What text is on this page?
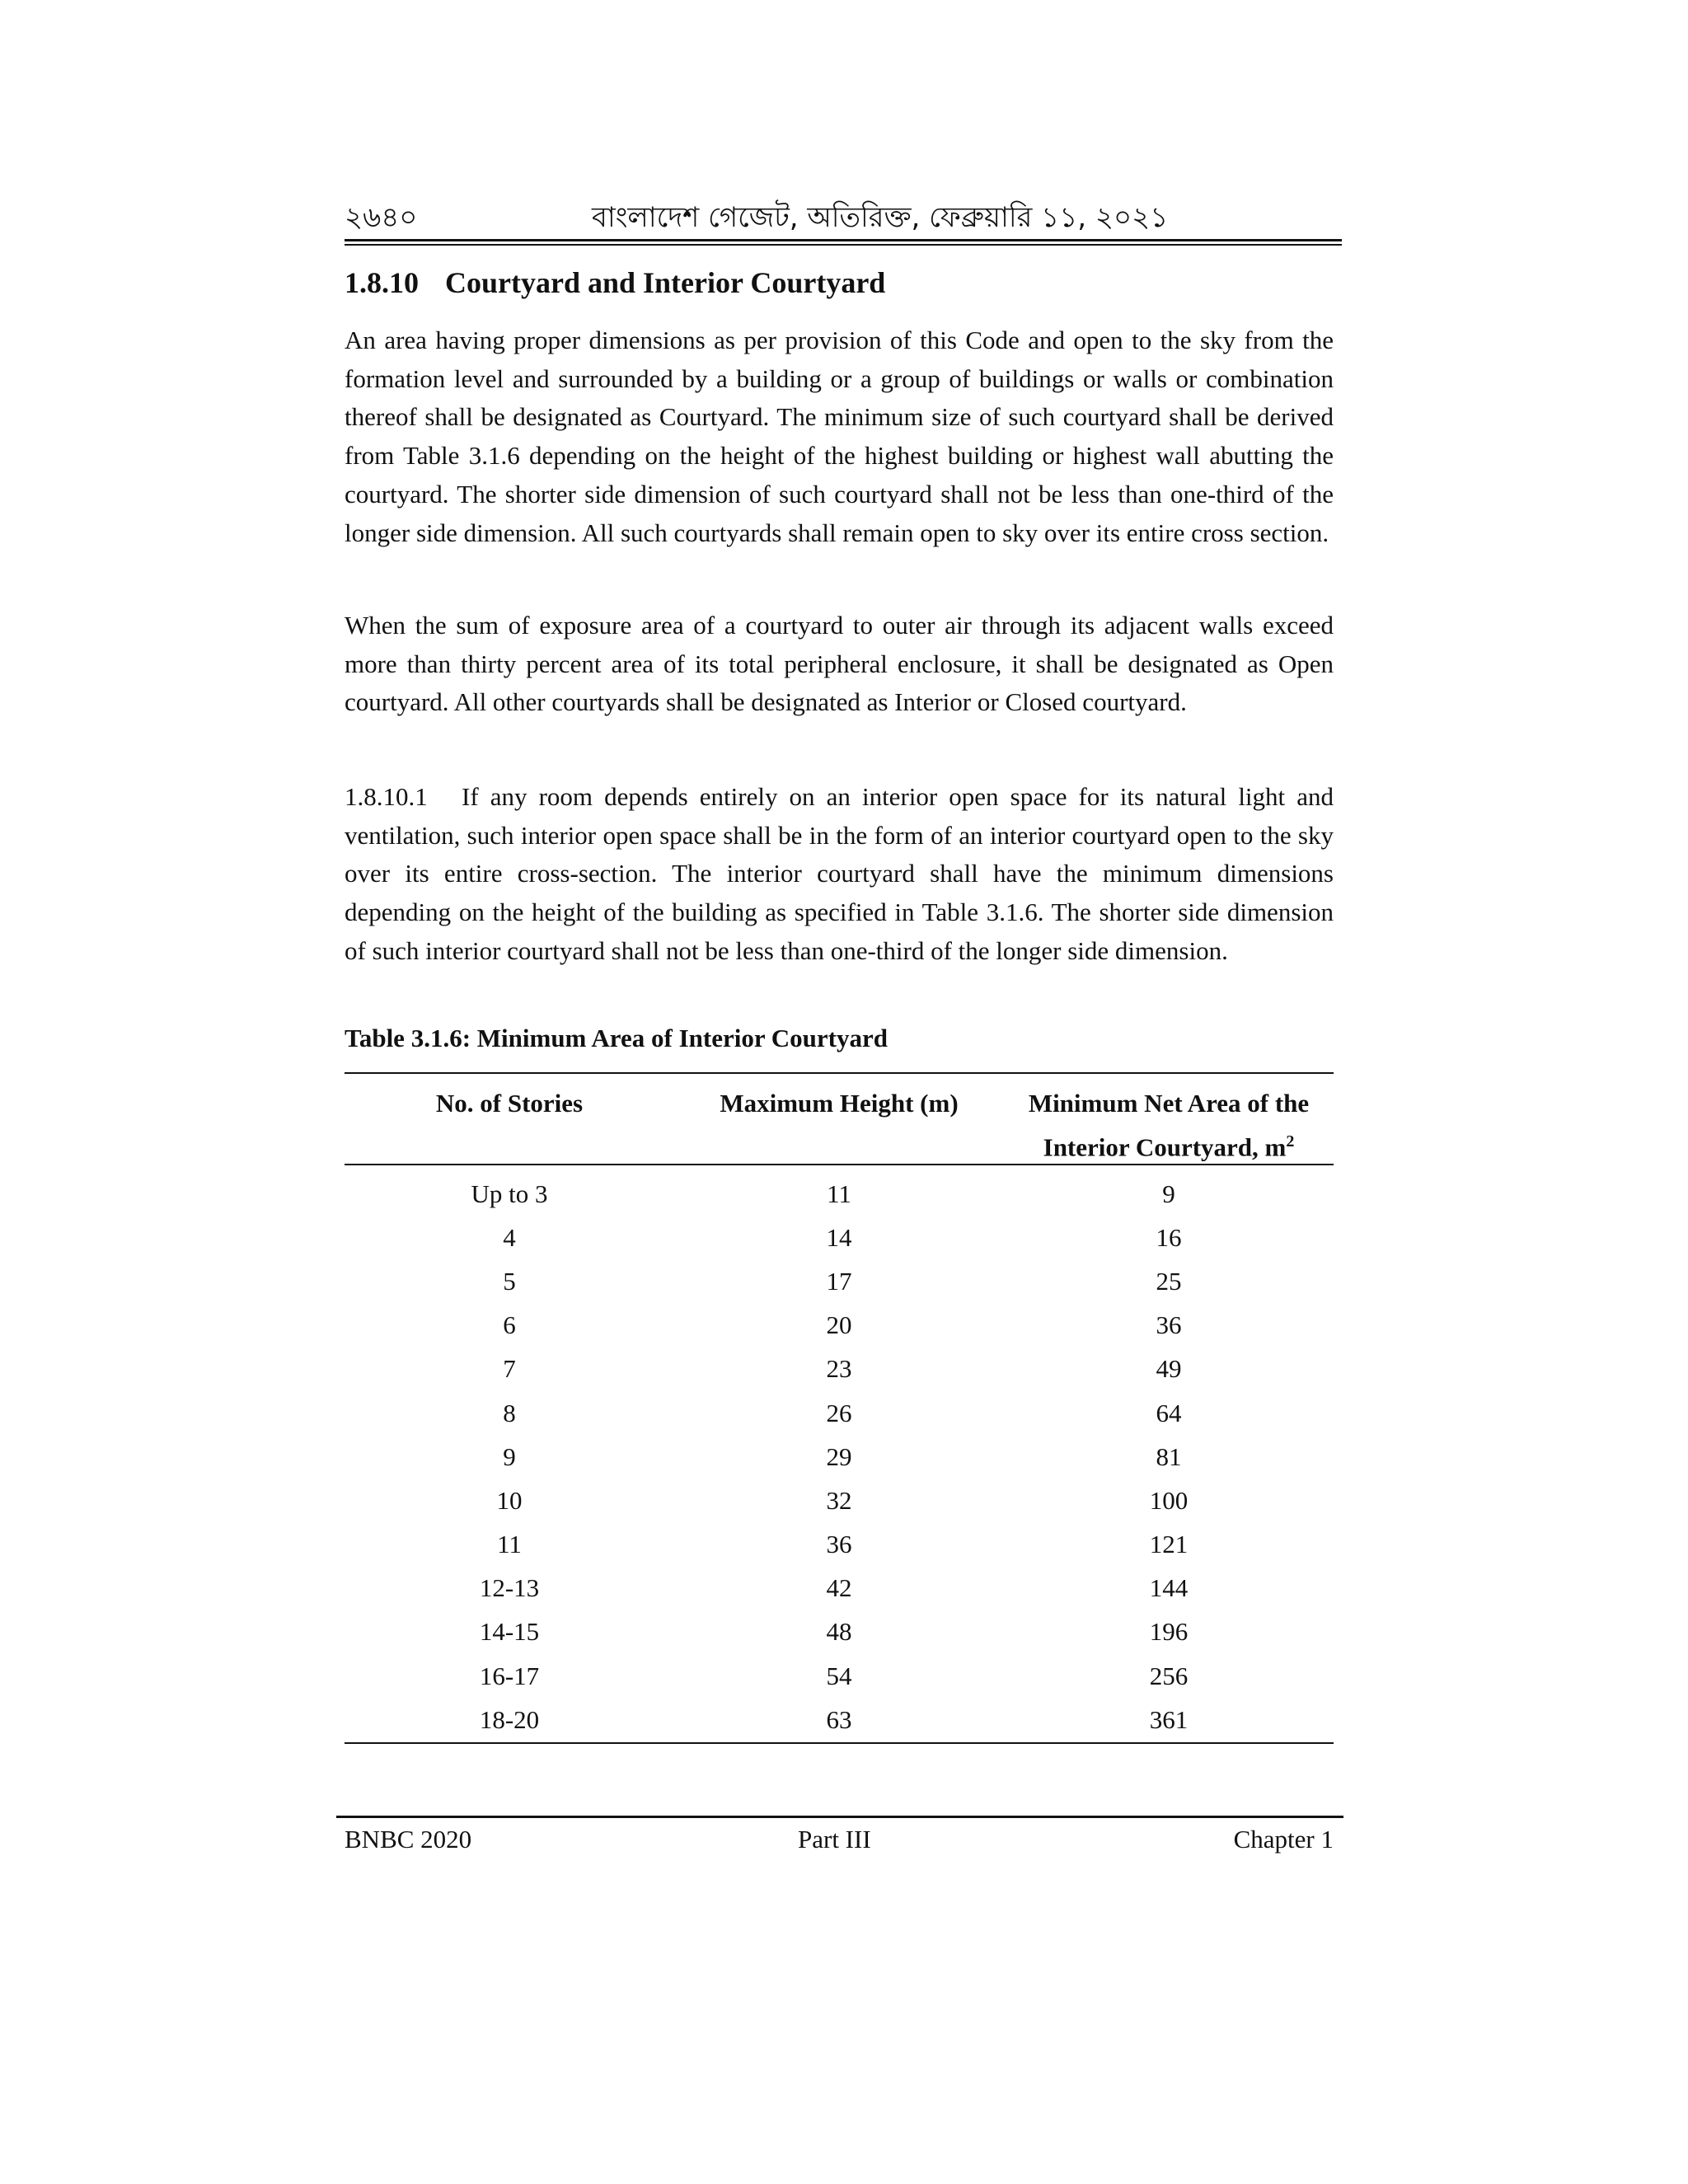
২৬৪০	বাংলাদেশ গেজেট, অতিরিক্ত, ফেব্রুয়ারি ১১, ২০২১
1.8.10 Courtyard and Interior Courtyard

An area having proper dimensions as per provision of this Code and open to the sky from the formation level and surrounded by a building or a group of buildings or walls or combination thereof shall be designated as Courtyard. The minimum size of such courtyard shall be derived from Table 3.1.6 depending on the height of the highest building or highest wall abutting the courtyard. The shorter side dimension of such courtyard shall not be less than one-third of the longer side dimension. All such courtyards shall remain open to sky over its entire cross section.

When the sum of exposure area of a courtyard to outer air through its adjacent walls exceed more than thirty percent area of its total peripheral enclosure, it shall be designated as Open courtyard. All other courtyards shall be designated as Interior or Closed courtyard.

1.8.10.1 If any room depends entirely on an interior open space for its natural light and ventilation, such interior open space shall be in the form of an interior courtyard open to the sky over its entire cross-section. The interior courtyard shall have the minimum dimensions depending on the height of the building as specified in Table 3.1.6. The shorter side dimension of such interior courtyard shall not be less than one-third of the longer side dimension.

Table 3.1.6: Minimum Area of Interior Courtyard
No. of Stories	Maximum Height (m)	Minimum Net Area of the
Interior Courtyard, $m^2$
Up to 3	11	9
4	14	16
5	17	25
6	20	36
7	23	49
8	26	64
9	29	81
10	32	100
11	36	121
12-13	42	144
14-15	48	196
16-17	54	256
18-20	63	361
BNBC 2020	Part III	Chapter 1
